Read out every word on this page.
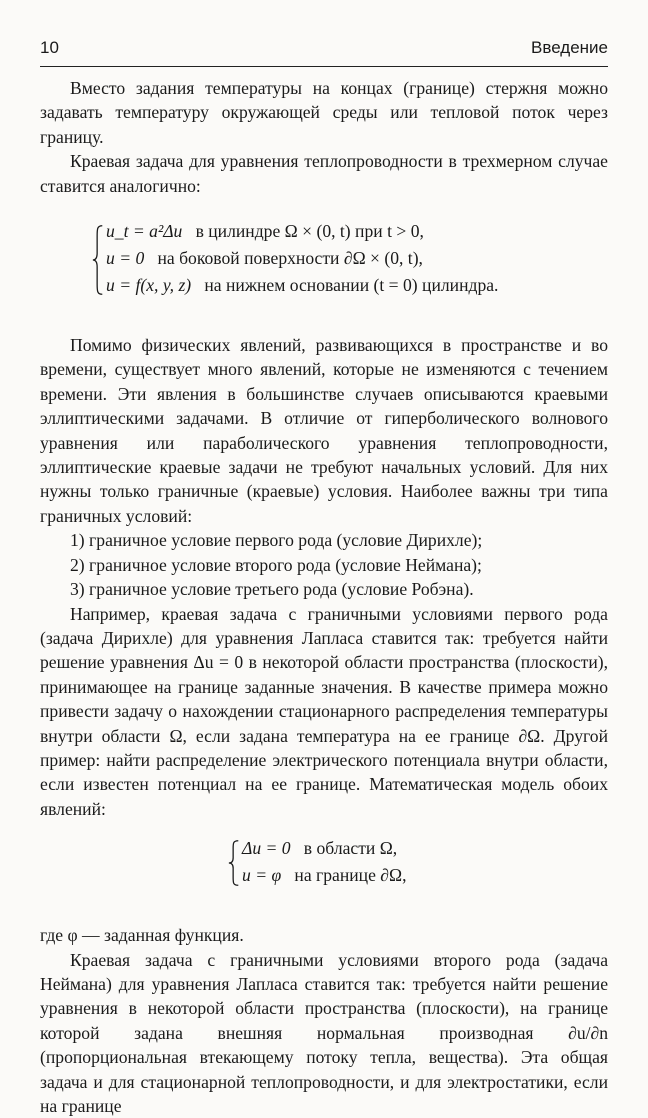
10	Введение

Вместо задания температуры на концах (границе) стержня можно задавать температуру окружающей среды или тепловой поток через границу.

Краевая задача для уравнения теплопроводности в трехмерном случае ставится аналогично:

u_t = a²Δu в цилиндре Ω × (0, t) при t > 0,
u = 0 на боковой поверхности ∂Ω × (0, t),
u = f(x, y, z) на нижнем основании (t = 0) цилиндра.

Помимо физических явлений, развивающихся в пространстве и во времени, существует много явлений, которые не изменяются с течением времени. Эти явления в большинстве случаев описываются краевыми эллиптическими задачами. В отличие от гиперболического волнового уравнения или параболического уравнения теплопроводности, эллиптические краевые задачи не требуют начальных условий. Для них нужны только граничные (краевые) условия. Наиболее важны три типа граничных условий:

1) граничное условие первого рода (условие Дирихле);
2) граничное условие второго рода (условие Неймана);
3) граничное условие третьего рода (условие Робэна).

Например, краевая задача с граничными условиями первого рода (задача Дирихле) для уравнения Лапласа ставится так: требуется найти решение уравнения Δu = 0 в некоторой области пространства (плоскости), принимающее на границе заданные значения. В качестве примера можно привести задачу о нахождении стационарного распределения температуры внутри области Ω, если задана температура на ее границе ∂Ω. Другой пример: найти распределение электрического потенциала внутри области, если известен потенциал на ее границе. Математическая модель обоих явлений:

Δu = 0 в области Ω,
u = φ на границе ∂Ω,

где φ — заданная функция.

Краевая задача с граничными условиями второго рода (задача Неймана) для уравнения Лапласа ставится так: требуется найти решение уравнения в некоторой области пространства (плоскости), на границе которой задана внешняя нормальная производная ∂u/∂n (пропорциональная втекающему потоку тепла, вещества). Эта общая задача и для стационарной теплопроводности, и для электростатики, если на границе
